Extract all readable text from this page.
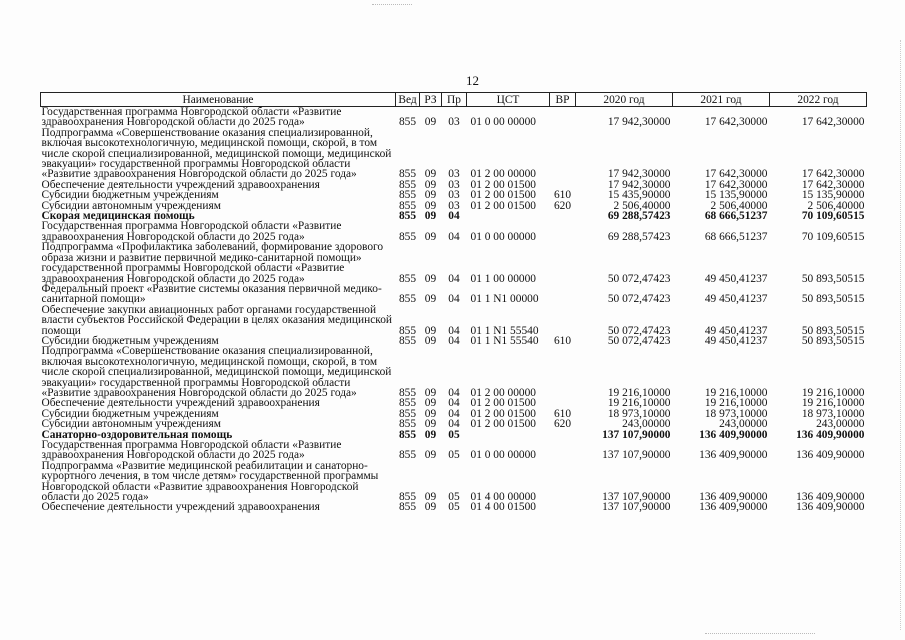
12
Наименование	Вед	РЗ	Пр	ЦСТ	ВР	2020 год	2021 год	2022 год
Государственная программа Новгородской области «Развитие здравоохранения Новгородской области до 2025 года»	855	09	03	01 0 00 00000		17 942,30000	17 642,30000	17 642,30000
Подпрограмма «Совершенствование оказания специализированной, включая высокотехнологичную, медицинской помощи, скорой, в том числе скорой специализированной, медицинской помощи, медицинской эвакуации» государственной программы Новгородской области «Развитие здравоохранения Новгородской области до 2025 года»	855	09	03	01 2 00 00000		17 942,30000	17 642,30000	17 642,30000
Обеспечение деятельности учреждений здравоохранения	855	09	03	01 2 00 01500		17 942,30000	17 642,30000	17 642,30000
Субсидии бюджетным учреждениям	855	09	03	01 2 00 01500	610	15 435,90000	15 135,90000	15 135,90000
Субсидии автономным учреждениям	855	09	03	01 2 00 01500	620	2 506,40000	2 506,40000	2 506,40000
Скорая медицинская помощь	855	09	04			69 288,57423	68 666,51237	70 109,60515
Государственная программа Новгородской области «Развитие здравоохранения Новгородской области до 2025 года»	855	09	04	01 0 00 00000		69 288,57423	68 666,51237	70 109,60515
Подпрограмма «Профилактика заболеваний, формирование здорового образа жизни и развитие первичной медико-санитарной помощи» государственной программы Новгородской области «Развитие здравоохранения Новгородской области до 2025 года»	855	09	04	01 1 00 00000		50 072,47423	49 450,41237	50 893,50515
Федеральный проект «Развитие системы оказания первичной медико-санитарной помощи»	855	09	04	01 1 N1 00000		50 072,47423	49 450,41237	50 893,50515
Обеспечение закупки авиационных работ органами государственной власти субъектов Российской Федерации в целях оказания медицинской помощи	855	09	04	01 1 N1 55540		50 072,47423	49 450,41237	50 893,50515
Субсидии бюджетным учреждениям	855	09	04	01 1 N1 55540	610	50 072,47423	49 450,41237	50 893,50515
Подпрограмма «Совершенствование оказания специализированной, включая высокотехнологичную, медицинской помощи, скорой, в том числе скорой специализированной, медицинской помощи, медицинской эвакуации» государственной программы Новгородской области «Развитие здравоохранения Новгородской области до 2025 года»	855	09	04	01 2 00 00000		19 216,10000	19 216,10000	19 216,10000
Обеспечение деятельности учреждений здравоохранения	855	09	04	01 2 00 01500		19 216,10000	19 216,10000	19 216,10000
Субсидии бюджетным учреждениям	855	09	04	01 2 00 01500	610	18 973,10000	18 973,10000	18 973,10000
Субсидии автономным учреждениям	855	09	04	01 2 00 01500	620	243,00000	243,00000	243,00000
Санаторно-оздоровительная помощь	855	09	05			137 107,90000	136 409,90000	136 409,90000
Государственная программа Новгородской области «Развитие здравоохранения Новгородской области до 2025 года»	855	09	05	01 0 00 00000		137 107,90000	136 409,90000	136 409,90000
Подпрограмма «Развитие медицинской реабилитации и санаторно-курортного лечения, в том числе детям» государственной программы Новгородской области «Развитие здравоохранения Новгородской области до 2025 года»	855	09	05	01 4 00 00000		137 107,90000	136 409,90000	136 409,90000
Обеспечение деятельности учреждений здравоохранения	855	09	05	01 4 00 01500		137 107,90000	136 409,90000	136 409,90000
